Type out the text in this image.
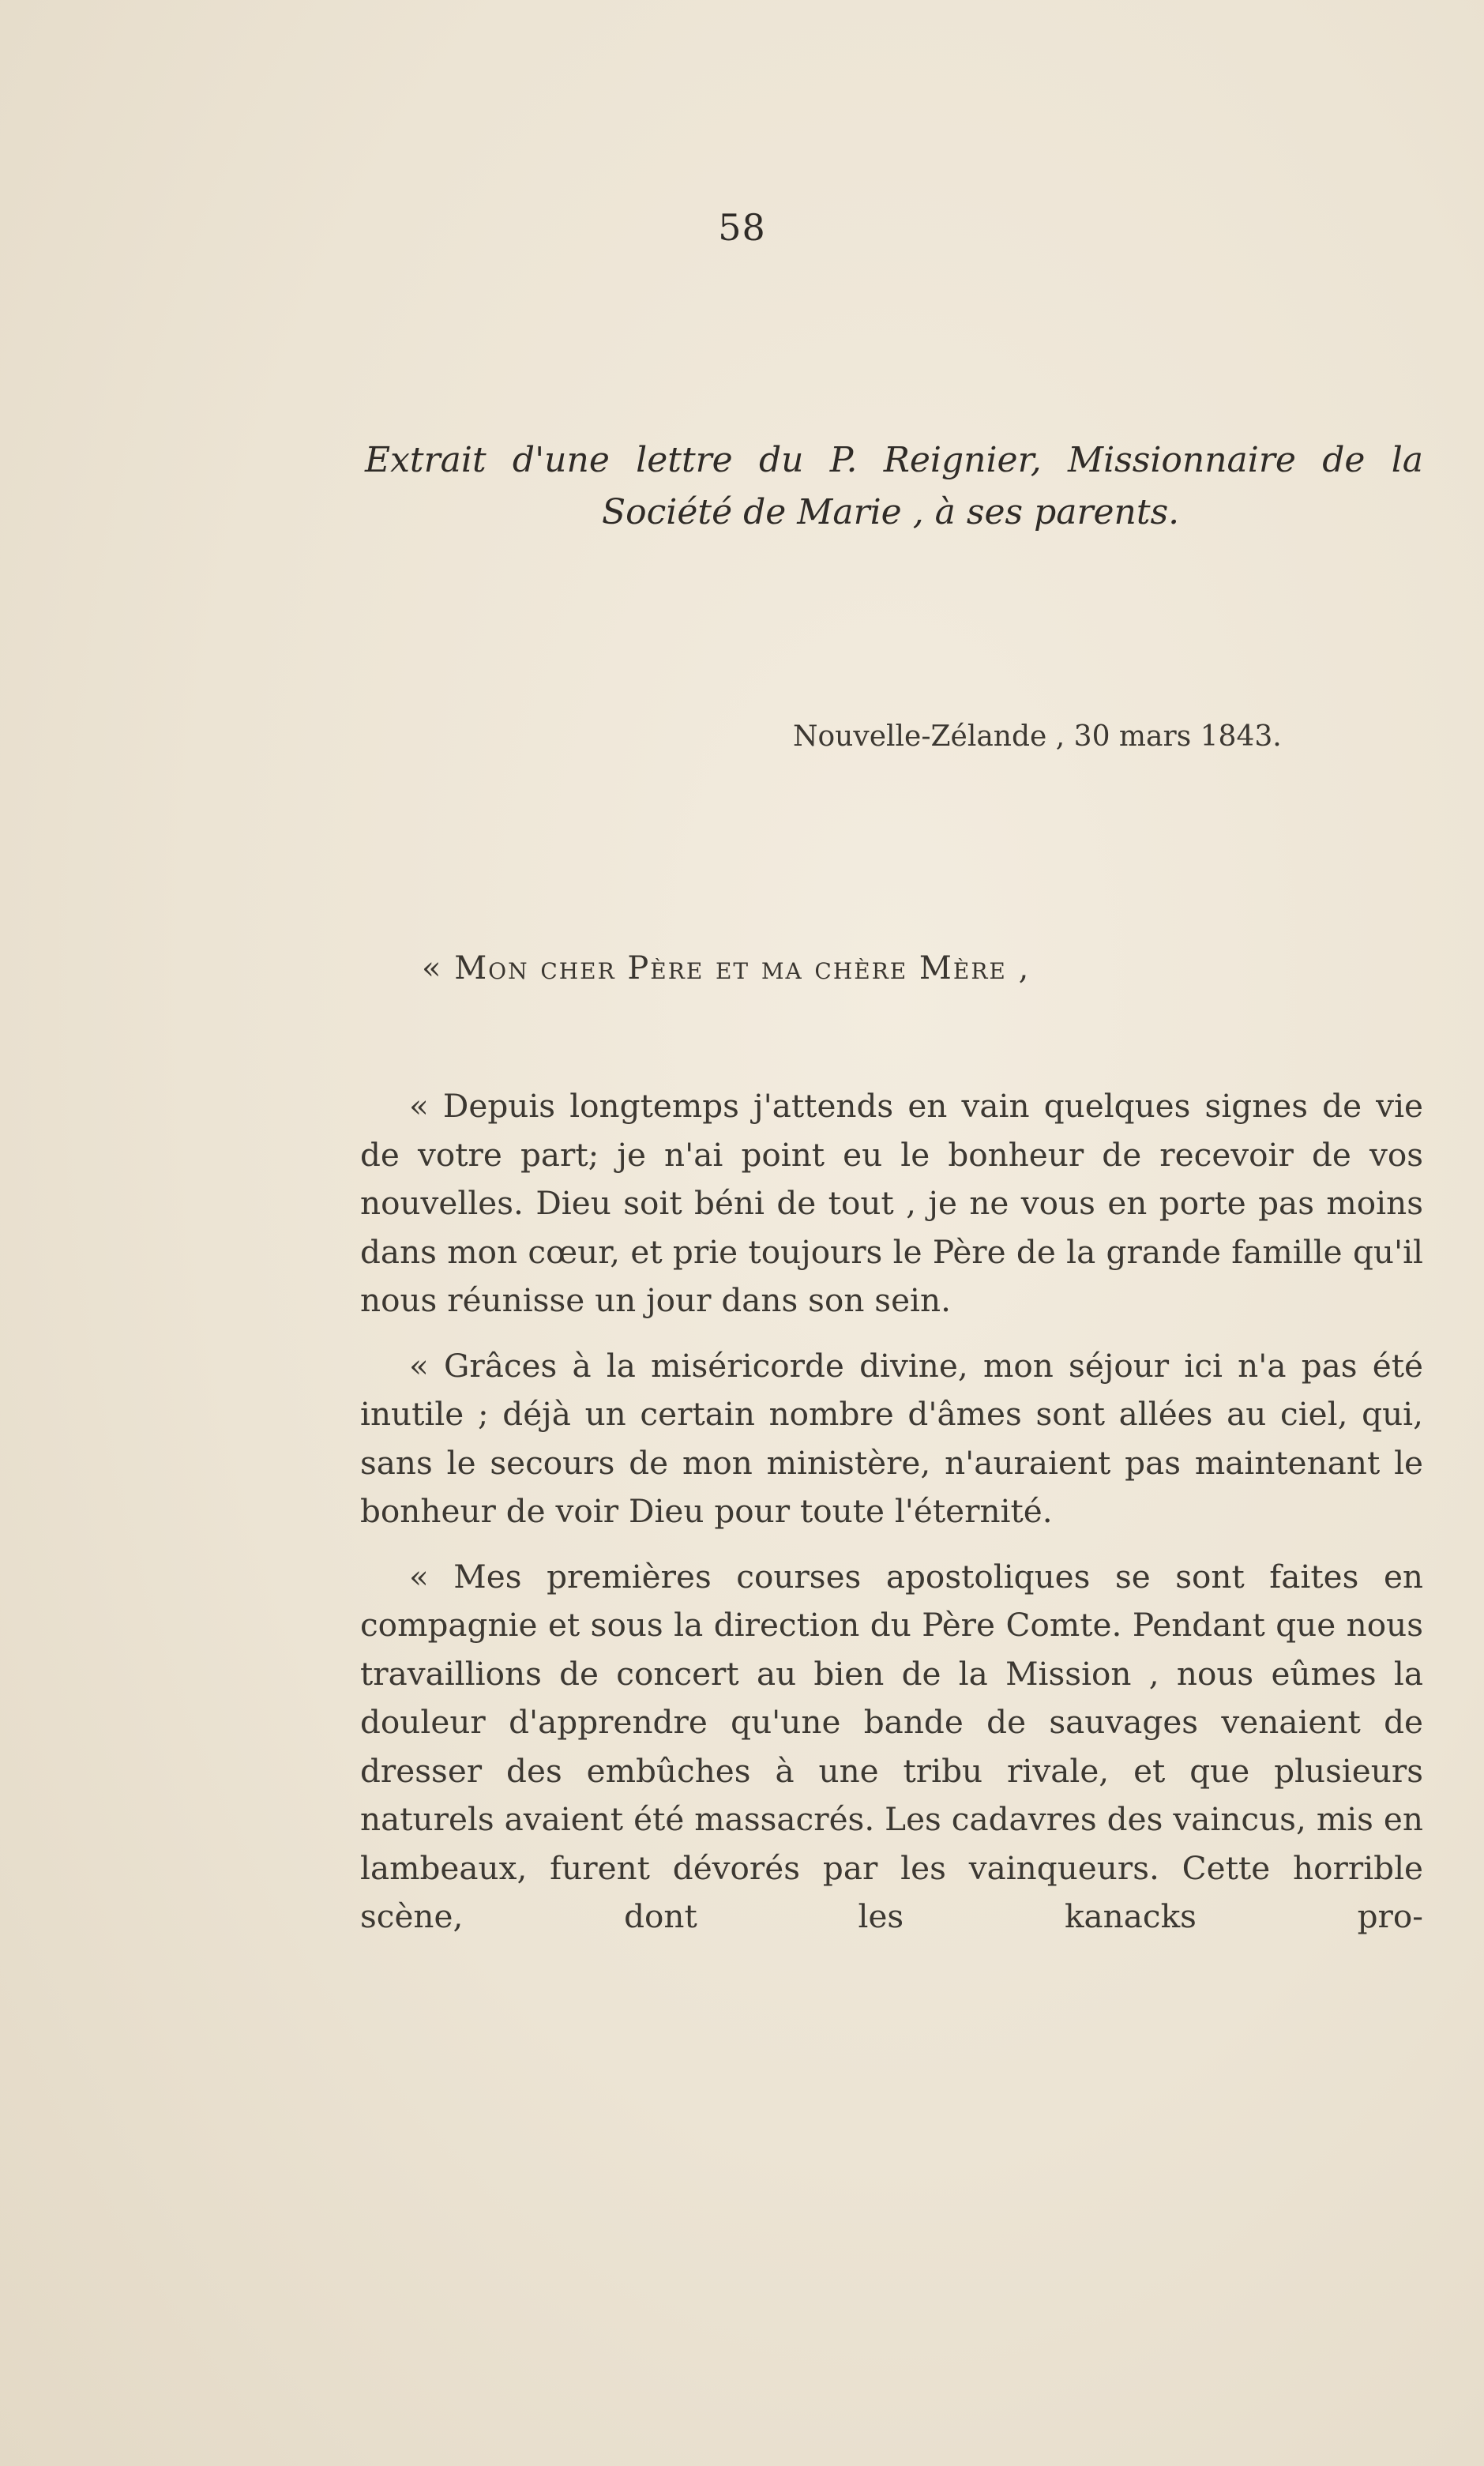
58
Extrait d'une lettre du P. Reignier, Missionnaire de la
Société de Marie , à ses parents.
Nouvelle-Zélande , 30 mars 1843.
« Mon cher Père et ma chère Mère ,

« Depuis longtemps j'attends en vain quelques signes de vie de votre part; je n'ai point eu le bonheur de recevoir de vos nouvelles. Dieu soit béni de tout , je ne vous en porte pas moins dans mon cœur, et prie toujours le Père de la grande famille qu'il nous réunisse un jour dans son sein.

« Grâces à la miséricorde divine, mon séjour ici n'a pas été inutile ; déjà un certain nombre d'âmes sont allées au ciel, qui, sans le secours de mon ministère, n'auraient pas maintenant le bonheur de voir Dieu pour toute l'éternité.

« Mes premières courses apostoliques se sont faites en compagnie et sous la direction du Père Comte. Pendant que nous travaillions de concert au bien de la Mission , nous eûmes la douleur d'apprendre qu'une bande de sauvages venaient de dresser des embûches à une tribu rivale, et que plusieurs naturels avaient été massacrés. Les cadavres des vaincus, mis en lambeaux, furent dévorés par les vainqueurs. Cette horrible scène, dont les kanacks pro-
